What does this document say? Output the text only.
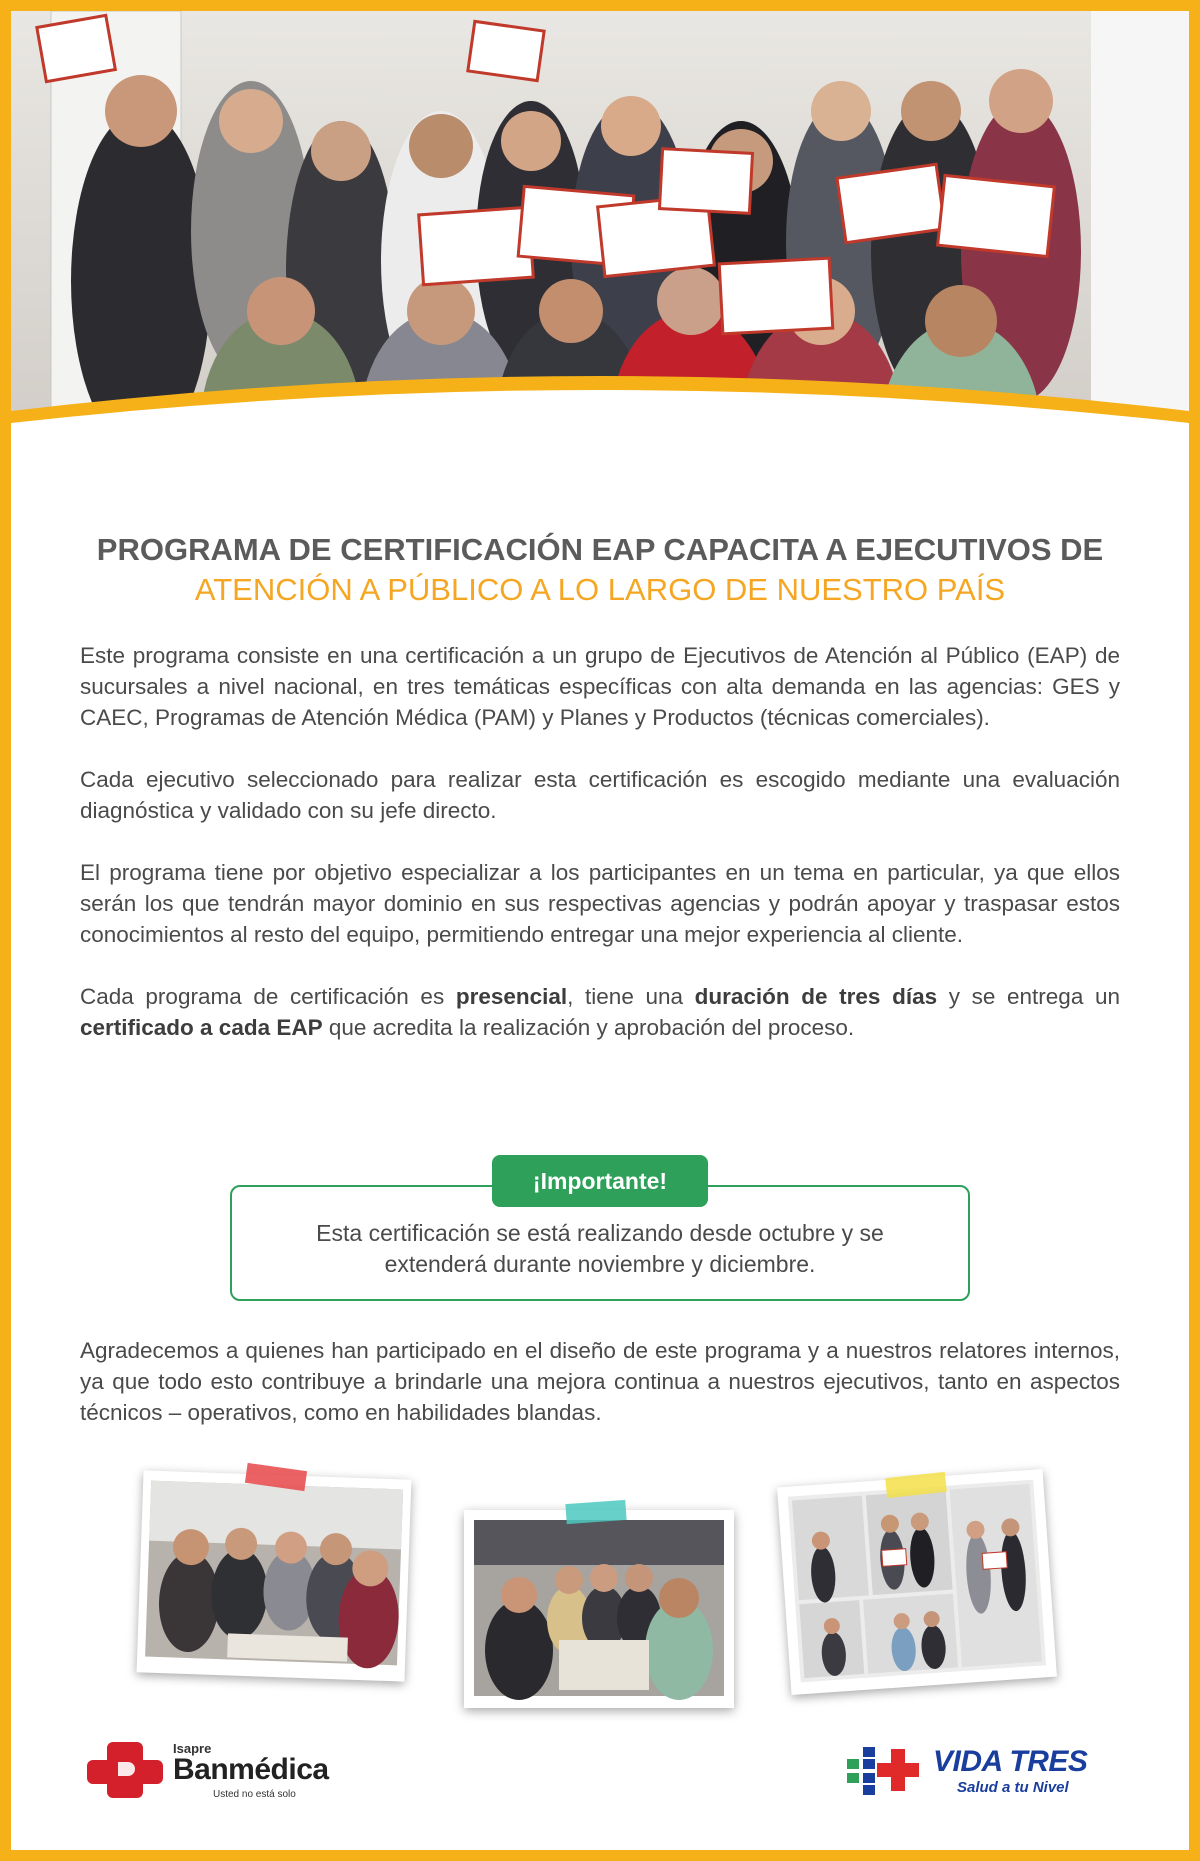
PROGRAMA DE CERTIFICACIÓN EAP CAPACITA A EJECUTIVOS DE
ATENCIÓN A PÚBLICO A LO LARGO DE NUESTRO PAÍS

Este programa consiste en una certificación a un grupo de Ejecutivos de Atención al Público (EAP) de sucursales a nivel nacional, en tres temáticas específicas con alta demanda en las agencias: GES y CAEC, Programas de Atención Médica (PAM) y Planes y Productos (técnicas comerciales).

Cada ejecutivo seleccionado para realizar esta certificación es escogido mediante una evaluación diagnóstica y validado con su jefe directo.

El programa tiene por objetivo especializar a los participantes en un tema en particular, ya que ellos serán los que tendrán mayor dominio en sus respectivas agencias y podrán apoyar y traspasar estos conocimientos al resto del equipo, permitiendo entregar una mejor experiencia al cliente.

Cada programa de certificación es presencial, tiene una duración de tres días y se entrega un certificado a cada EAP que acredita la realización y aprobación del proceso.

¡Importante!
Esta certificación se está realizando desde octubre y se extenderá durante noviembre y diciembre.
Agradecemos a quienes han participado en el diseño de este programa y a nuestros relatores internos, ya que todo esto contribuye a brindarle una mejora continua a nuestros ejecutivos, tanto en aspectos técnicos – operativos, como en habilidades blandas.
Isapre
Banmédica
Usted no está solo
VIDA TRES
Salud a tu Nivel
